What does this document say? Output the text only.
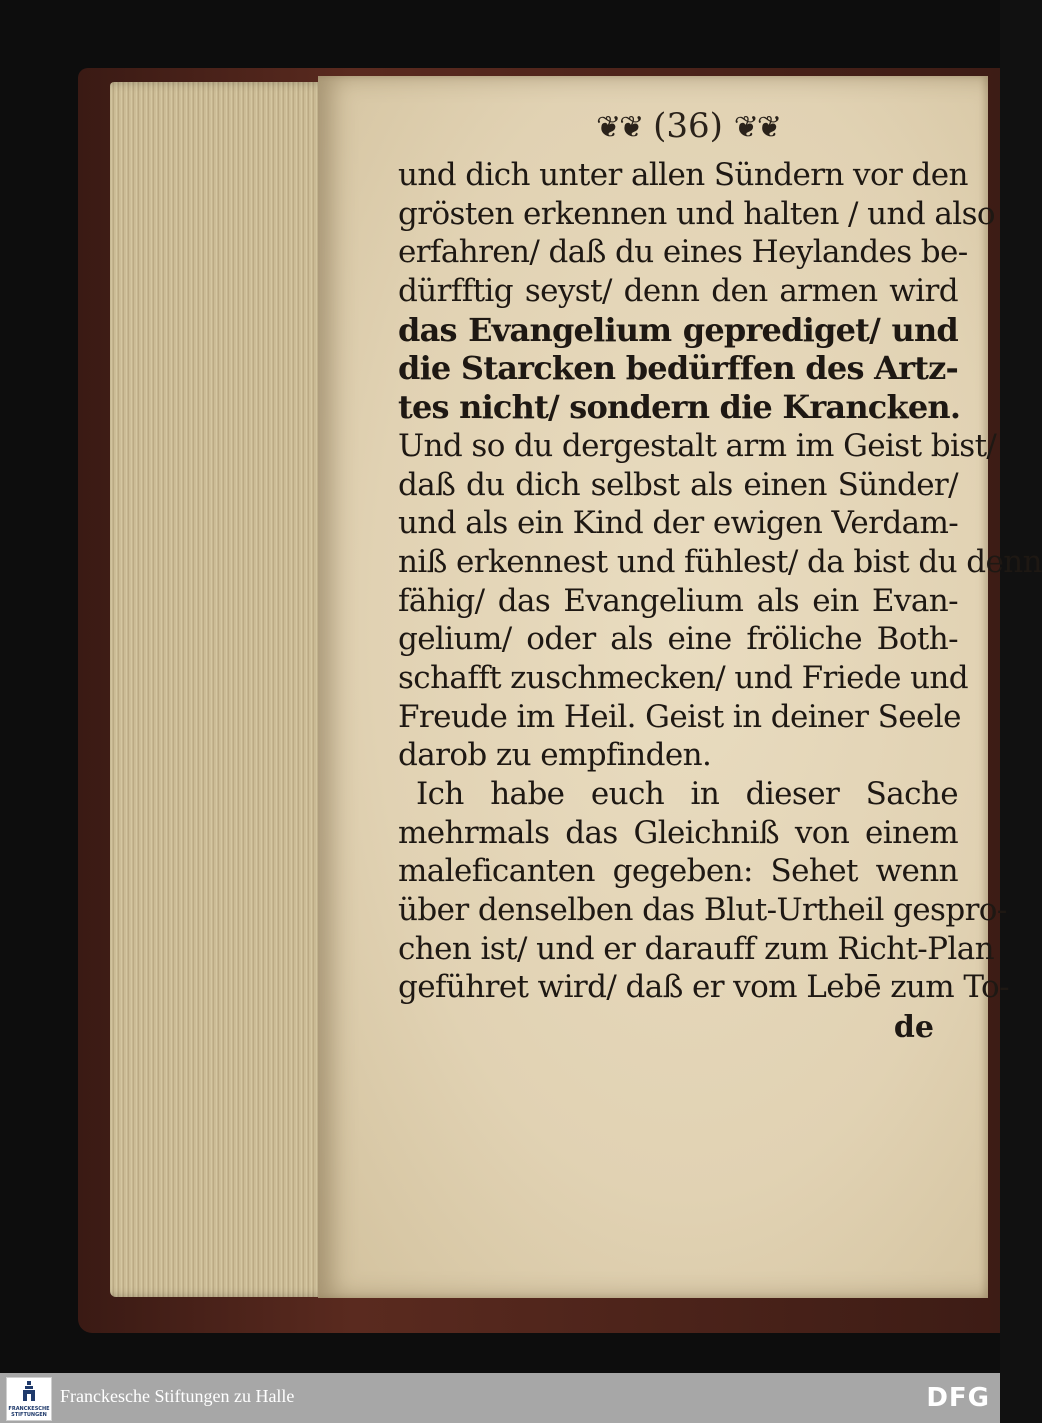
❦❦ (36) ❦❦
und dich unter allen Sündern vor den
grösten erkennen und halten / und also
erfahren/ daß du eines Heylandes be-
dürfftig seyst/ denn den armen wird
das Evangelium geprediget/ und
die Starcken bedürffen des Artz-
tes nicht/ sondern die Krancken.
Und so du dergestalt arm im Geist bist/
daß du dich selbst als einen Sünder/
und als ein Kind der ewigen Verdam-
niß erkennest und fühlest/ da bist du denn
fähig/ das Evangelium als ein Evan-
gelium/ oder als eine fröliche Both-
schafft zuschmecken/ und Friede und
Freude im Heil. Geist in deiner Seele
darob zu empfinden.
Ich habe euch in dieser Sache
mehrmals das Gleichniß von einem
maleficanten gegeben: Sehet wenn
über denselben das Blut-Urtheil gespro-
chen ist/ und er darauff zum Richt-Plan
geführet wird/ daß er vom Lebē zum To-
de
FRANCKESCHE STIFTUNGEN
Franckesche Stiftungen zu Halle	DFG
